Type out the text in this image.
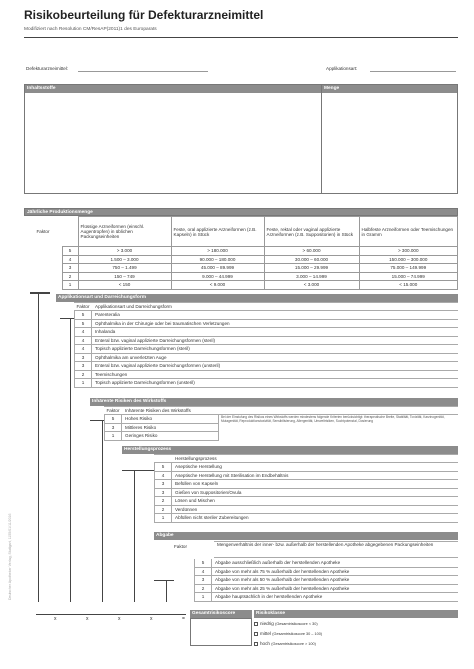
Deutscher Apotheker Verlag, Stuttgart, 1155/01/11/2016
Risikobeurteilung für Defekturarzneimittel
Modifiziert nach Resolution CM/ResAP(2011)1 des Europarats
Defekturarzneimittel:	Applikationsart:
Inhaltsstoffe	Menge
Jährliche Produktionsmenge
Faktor		Flüssige Arzneiformen (einschl. Augentropfen) in üblichen Packungseinheiten	Feste, oral applizierte Arzneiformen (z.B. Kapseln) in Stück	Feste, rektal oder vaginal applizierte Arzneiformen (z.B. Suppositorien) in Stück	Halbfeste Arzneiformen oder Teemischungen in Gramm
	5	> 3.000	> 180.000	> 60.000	> 300.000
	4	1.500 – 3.000	90.000 – 180.000	30.000 – 60.000	150.000 – 300.000
	3	750 – 1.499	45.000 – 89.999	15.000 – 29.999	75.000 – 149.999
	2	150 – 749	9.000 – 44.999	3.000 – 14.999	15.000 – 74.999
	1	< 150	< 9.000	< 3.000	< 15.000
Applikationsart und Darreichungsform
Faktor	Applikationsart und Darreichungsform
5	Parenteralia
5	Ophthalmika in der Chirurgie oder bei traumatischen Verletzungen
4	Inhalanda
4	Enteral bzw. vaginal applizierte Darreichungsformen (steril)
4	Topisch applizierte Darreichungsformen (steril)
3	Ophthalmika am unverletzten Auge
3	Enteral bzw. vaginal applizierte Darreichungsformen (unsteril)
2	Teemischungen
1	Topisch applizierte Darreichungsformen (unsteril)
Inhärente Risiken des Wirkstoffs
Faktor	Inhärente Risiken des Wirkstoffs
5	Hohes Risiko
3	Mittleres Risiko
1	Geringes Risiko
Bei der Einstufung des Risikos eines Wirkstoffs werden mindestens folgende Kriterien berücksichtigt: therapeutische Breite, Stabilität, Toxizität, Karzinogenität, Mutagenität, Reproduktionstoxizität, Sensibilisierung, Allergenität, Umweltrisiken, Suchtpotenzial, Dosierung
Herstellungsprozess
Herstellungsprozess
5	Aseptische Herstellung
4	Aseptische Herstellung mit Sterilisation im Endbehältnis
3	Befüllen von Kapseln
3	Gießen von Suppositorien/Ovula
2	Lösen und Mischen
2	Verdünnen
1	Abfüllen nicht steriler Zubereitungen
Abgabe
Faktor	Mengenverhältnis der inner- bzw. außerhalb der herstellenden Apotheke abgegebenen Packungseinheiten
5	Abgabe ausschließlich außerhalb der herstellenden Apotheke
4	Abgabe von mehr als 75 % außerhalb der herstellenden Apotheke
3	Abgabe von mehr als 50 % außerhalb der herstellenden Apotheke
2	Abgabe von mehr als 25 % außerhalb der herstellenden Apotheke
1	Abgabe hauptsächlich in der herstellenden Apotheke
x	x	x	x	=
Gesamtrisikoscore	Risikoklasse
niedrig (Gesamtrisikoscore < 30)
mittel (Gesamtrisikoscore 30 – 100)
hoch (Gesamtrisikoscore > 100)
